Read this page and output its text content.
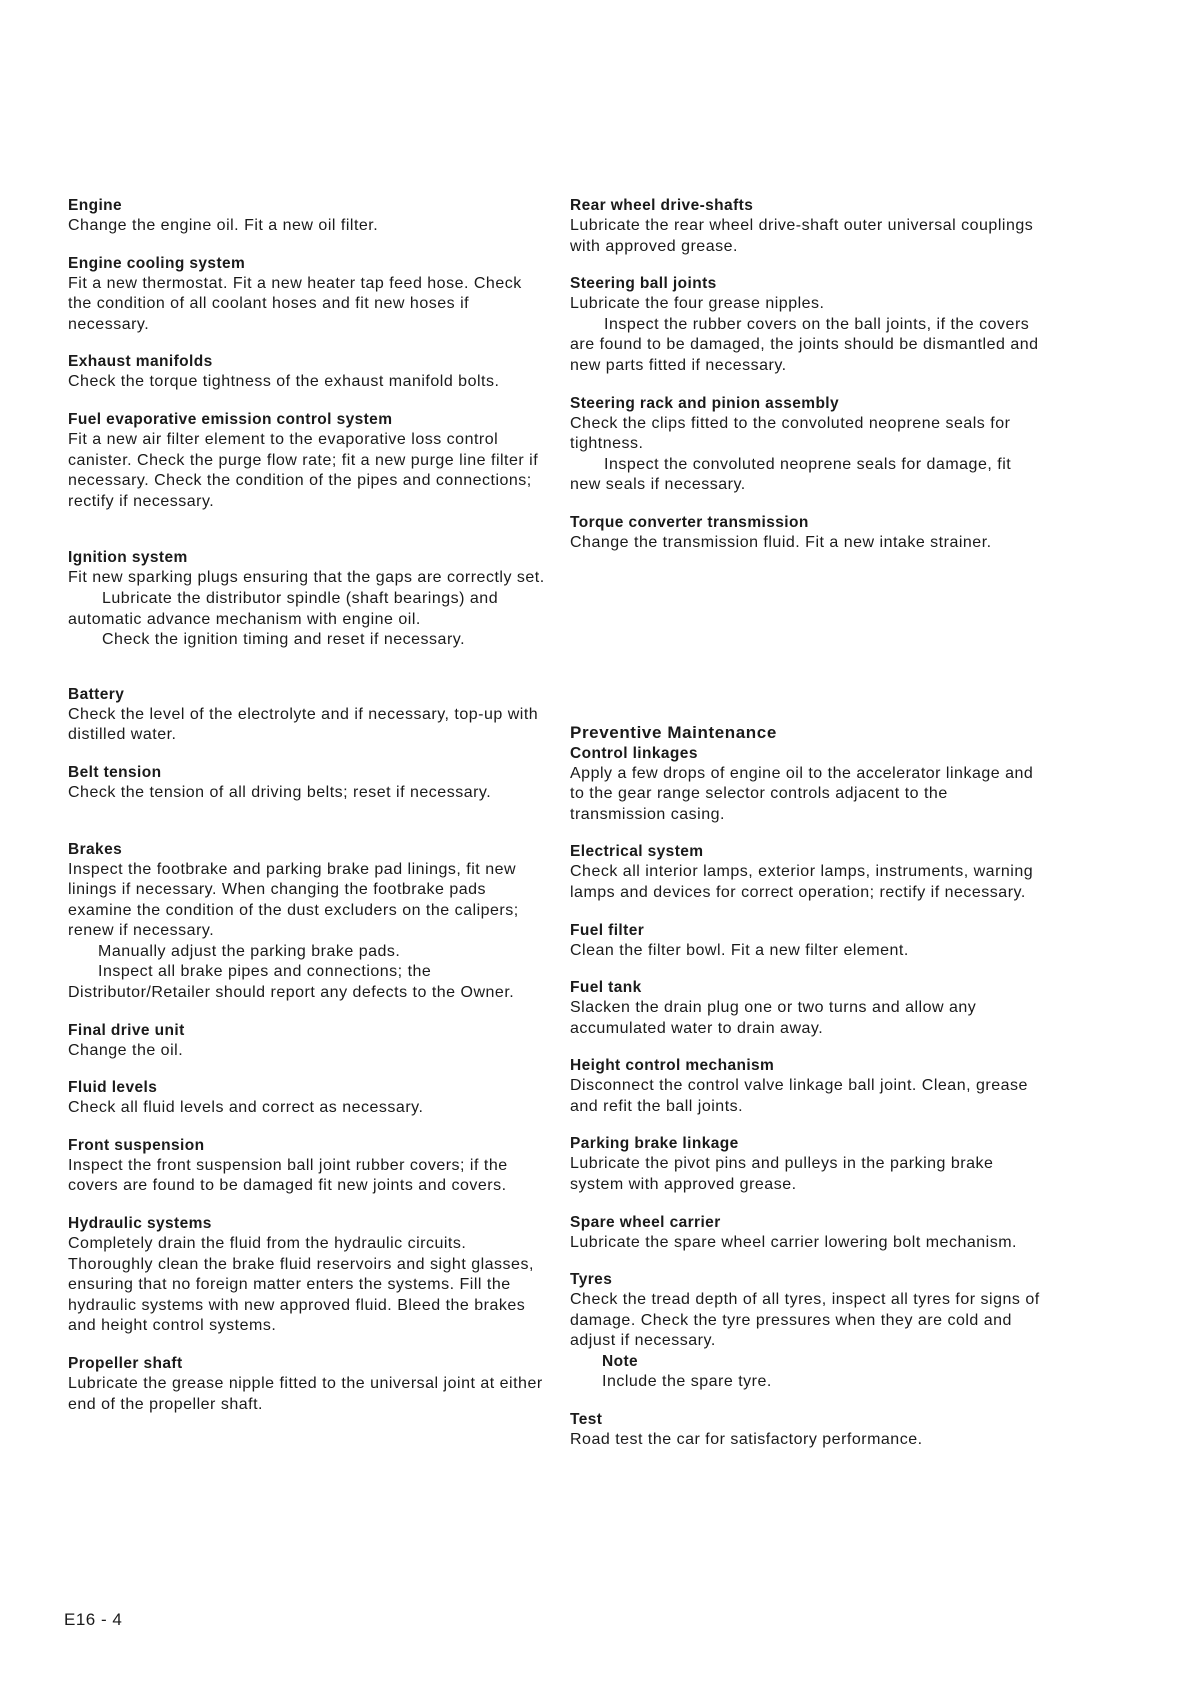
Engine

Change the engine oil. Fit a new oil filter.

Engine cooling system

Fit a new thermostat. Fit a new heater tap feed hose. Check the condition of all coolant hoses and fit new hoses if necessary.

Exhaust manifolds

Check the torque tightness of the exhaust manifold bolts.

Fuel evaporative emission control system

Fit a new air filter element to the evaporative loss control canister. Check the purge flow rate; fit a new purge line filter if necessary. Check the condition of the pipes and connections; rectify if necessary.

Ignition system

Fit new sparking plugs ensuring that the gaps are correctly set.

Lubricate the distributor spindle (shaft bearings) and automatic advance mechanism with engine oil.

Check the ignition timing and reset if necessary.

Battery

Check the level of the electrolyte and if necessary, top-up with distilled water.

Belt tension

Check the tension of all driving belts; reset if necessary.

Brakes

Inspect the footbrake and parking brake pad linings, fit new linings if necessary. When changing the footbrake pads examine the condition of the dust excluders on the calipers; renew if necessary.

Manually adjust the parking brake pads.

Inspect all brake pipes and connections; the Distributor/Retailer should report any defects to the Owner.

Final drive unit

Change the oil.

Fluid levels

Check all fluid levels and correct as necessary.

Front suspension

Inspect the front suspension ball joint rubber covers; if the covers are found to be damaged fit new joints and covers.

Hydraulic systems

Completely drain the fluid from the hydraulic circuits. Thoroughly clean the brake fluid reservoirs and sight glasses, ensuring that no foreign matter enters the systems. Fill the hydraulic systems with new approved fluid. Bleed the brakes and height control systems.

Propeller shaft

Lubricate the grease nipple fitted to the universal joint at either end of the propeller shaft.

Rear wheel drive-shafts

Lubricate the rear wheel drive-shaft outer universal couplings with approved grease.

Steering ball joints

Lubricate the four grease nipples.

Inspect the rubber covers on the ball joints, if the covers are found to be damaged, the joints should be dismantled and new parts fitted if necessary.

Steering rack and pinion assembly

Check the clips fitted to the convoluted neoprene seals for tightness.

Inspect the convoluted neoprene seals for damage, fit new seals if necessary.

Torque converter transmission

Change the transmission fluid. Fit a new intake strainer.

Preventive Maintenance
Control linkages

Apply a few drops of engine oil to the accelerator linkage and to the gear range selector controls adjacent to the transmission casing.

Electrical system

Check all interior lamps, exterior lamps, instruments, warning lamps and devices for correct operation; rectify if necessary.

Fuel filter

Clean the filter bowl. Fit a new filter element.

Fuel tank

Slacken the drain plug one or two turns and allow any accumulated water to drain away.

Height control mechanism

Disconnect the control valve linkage ball joint. Clean, grease and refit the ball joints.

Parking brake linkage

Lubricate the pivot pins and pulleys in the parking brake system with approved grease.

Spare wheel carrier

Lubricate the spare wheel carrier lowering bolt mechanism.

Tyres

Check the tread depth of all tyres, inspect all tyres for signs of damage. Check the tyre pressures when they are cold and adjust if necessary.

Note

Include the spare tyre.

Test

Road test the car for satisfactory performance.

E16 - 4
